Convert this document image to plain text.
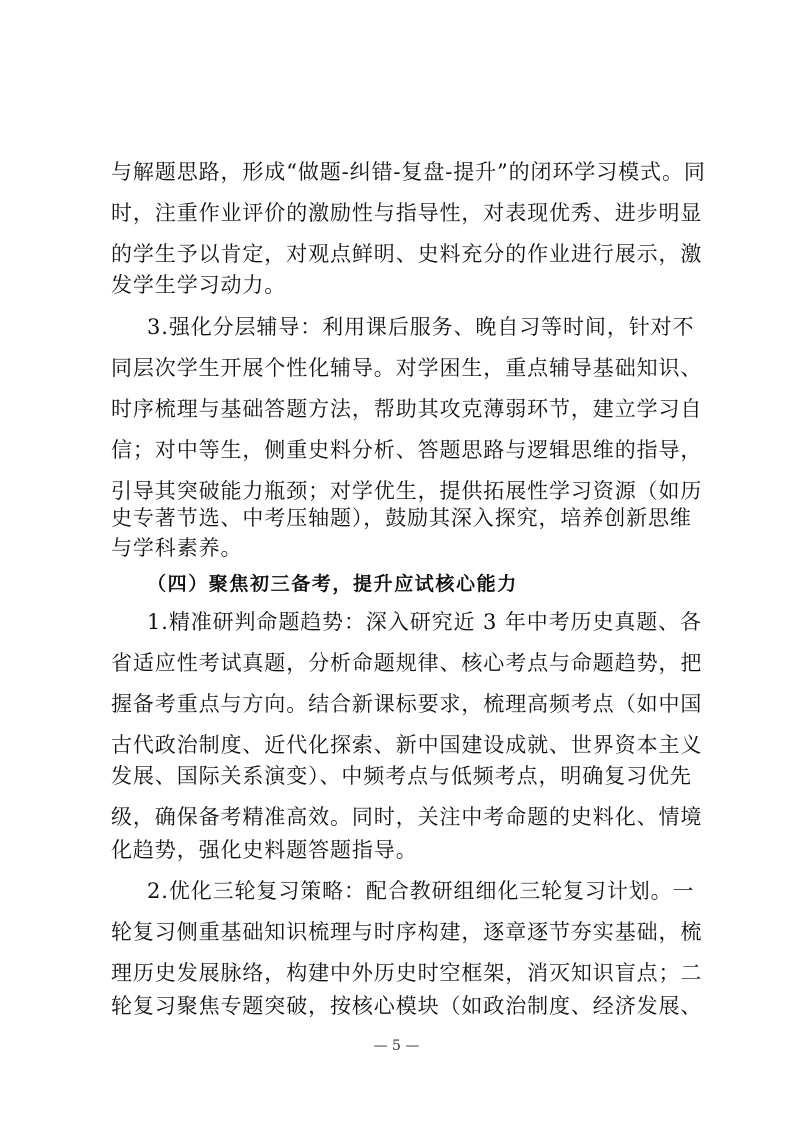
与解题思路，形成“做题-纠错-复盘-提升”的闭环学习模式。同
时，注重作业评价的激励性与指导性，对表现优秀、进步明显
的学生予以肯定，对观点鲜明、史料充分的作业进行展示，激
发学生学习动力。
3.强化分层辅导：利用课后服务、晚自习等时间，针对不
同层次学生开展个性化辅导。对学困生，重点辅导基础知识、
时序梳理与基础答题方法，帮助其攻克薄弱环节，建立学习自
信；对中等生，侧重史料分析、答题思路与逻辑思维的指导，
引导其突破能力瓶颈；对学优生，提供拓展性学习资源（如历
史专著节选、中考压轴题），鼓励其深入探究，培养创新思维
与学科素养。
（四）聚焦初三备考，提升应试核心能力
1.精准研判命题趋势：深入研究近 3 年中考历史真题、各
省适应性考试真题，分析命题规律、核心考点与命题趋势，把
握备考重点与方向。结合新课标要求，梳理高频考点（如中国
古代政治制度、近代化探索、新中国建设成就、世界资本主义
发展、国际关系演变）、中频考点与低频考点，明确复习优先
级，确保备考精准高效。同时，关注中考命题的史料化、情境
化趋势，强化史料题答题指导。
2.优化三轮复习策略：配合教研组细化三轮复习计划。一
轮复习侧重基础知识梳理与时序构建，逐章逐节夯实基础，梳
理历史发展脉络，构建中外历史时空框架，消灭知识盲点；二
轮复习聚焦专题突破，按核心模块（如政治制度、经济发展、
— 5 —
